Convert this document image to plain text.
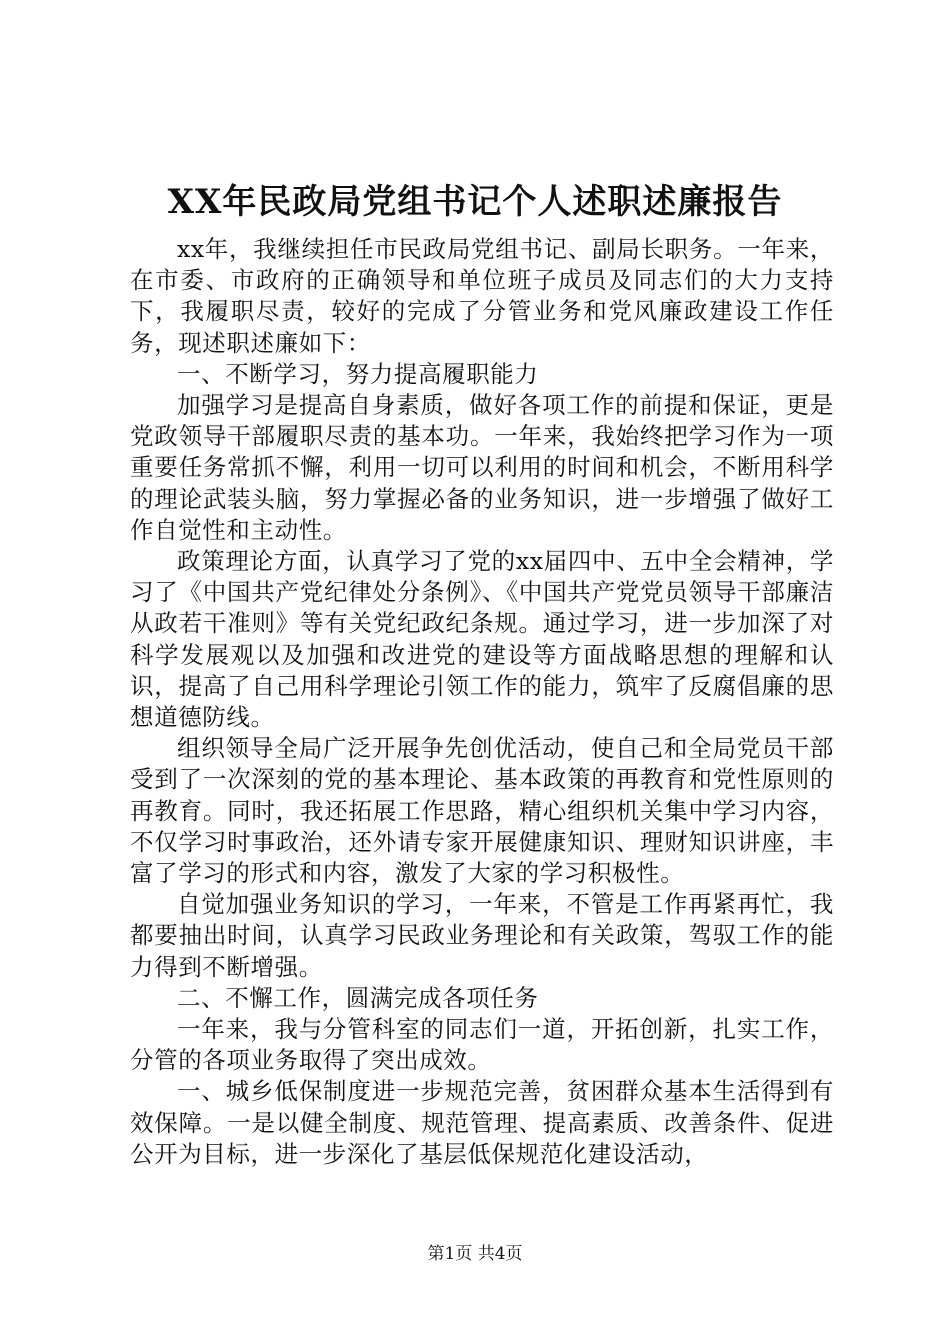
XX年民政局党组书记个人述职述廉报告

xx年，我继续担任市民政局党组书记、副局长职务。一年来，在市委、市政府的正确领导和单位班子成员及同志们的大力支持下，我履职尽责，较好的完成了分管业务和党风廉政建设工作任务，现述职述廉如下：

一、不断学习，努力提高履职能力

加强学习是提高自身素质，做好各项工作的前提和保证，更是党政领导干部履职尽责的基本功。一年来，我始终把学习作为一项重要任务常抓不懈，利用一切可以利用的时间和机会，不断用科学的理论武装头脑，努力掌握必备的业务知识，进一步增强了做好工作自觉性和主动性。

政策理论方面，认真学习了党的xx届四中、五中全会精神，学习了《中国共产党纪律处分条例》、《中国共产党党员领导干部廉洁从政若干准则》等有关党纪政纪条规。通过学习，进一步加深了对科学发展观以及加强和改进党的建设等方面战略思想的理解和认识，提高了自己用科学理论引领工作的能力，筑牢了反腐倡廉的思想道德防线。

组织领导全局广泛开展争先创优活动，使自己和全局党员干部受到了一次深刻的党的基本理论、基本政策的再教育和党性原则的再教育。同时，我还拓展工作思路，精心组织机关集中学习内容，不仅学习时事政治，还外请专家开展健康知识、理财知识讲座，丰富了学习的形式和内容，激发了大家的学习积极性。

自觉加强业务知识的学习，一年来，不管是工作再紧再忙，我都要抽出时间，认真学习民政业务理论和有关政策，驾驭工作的能力得到不断增强。

二、不懈工作，圆满完成各项任务

一年来，我与分管科室的同志们一道，开拓创新，扎实工作，分管的各项业务取得了突出成效。

一、城乡低保制度进一步规范完善，贫困群众基本生活得到有效保障。一是以健全制度、规范管理、提高素质、改善条件、促进公开为目标，进一步深化了基层低保规范化建设活动，

第1页 共4页
